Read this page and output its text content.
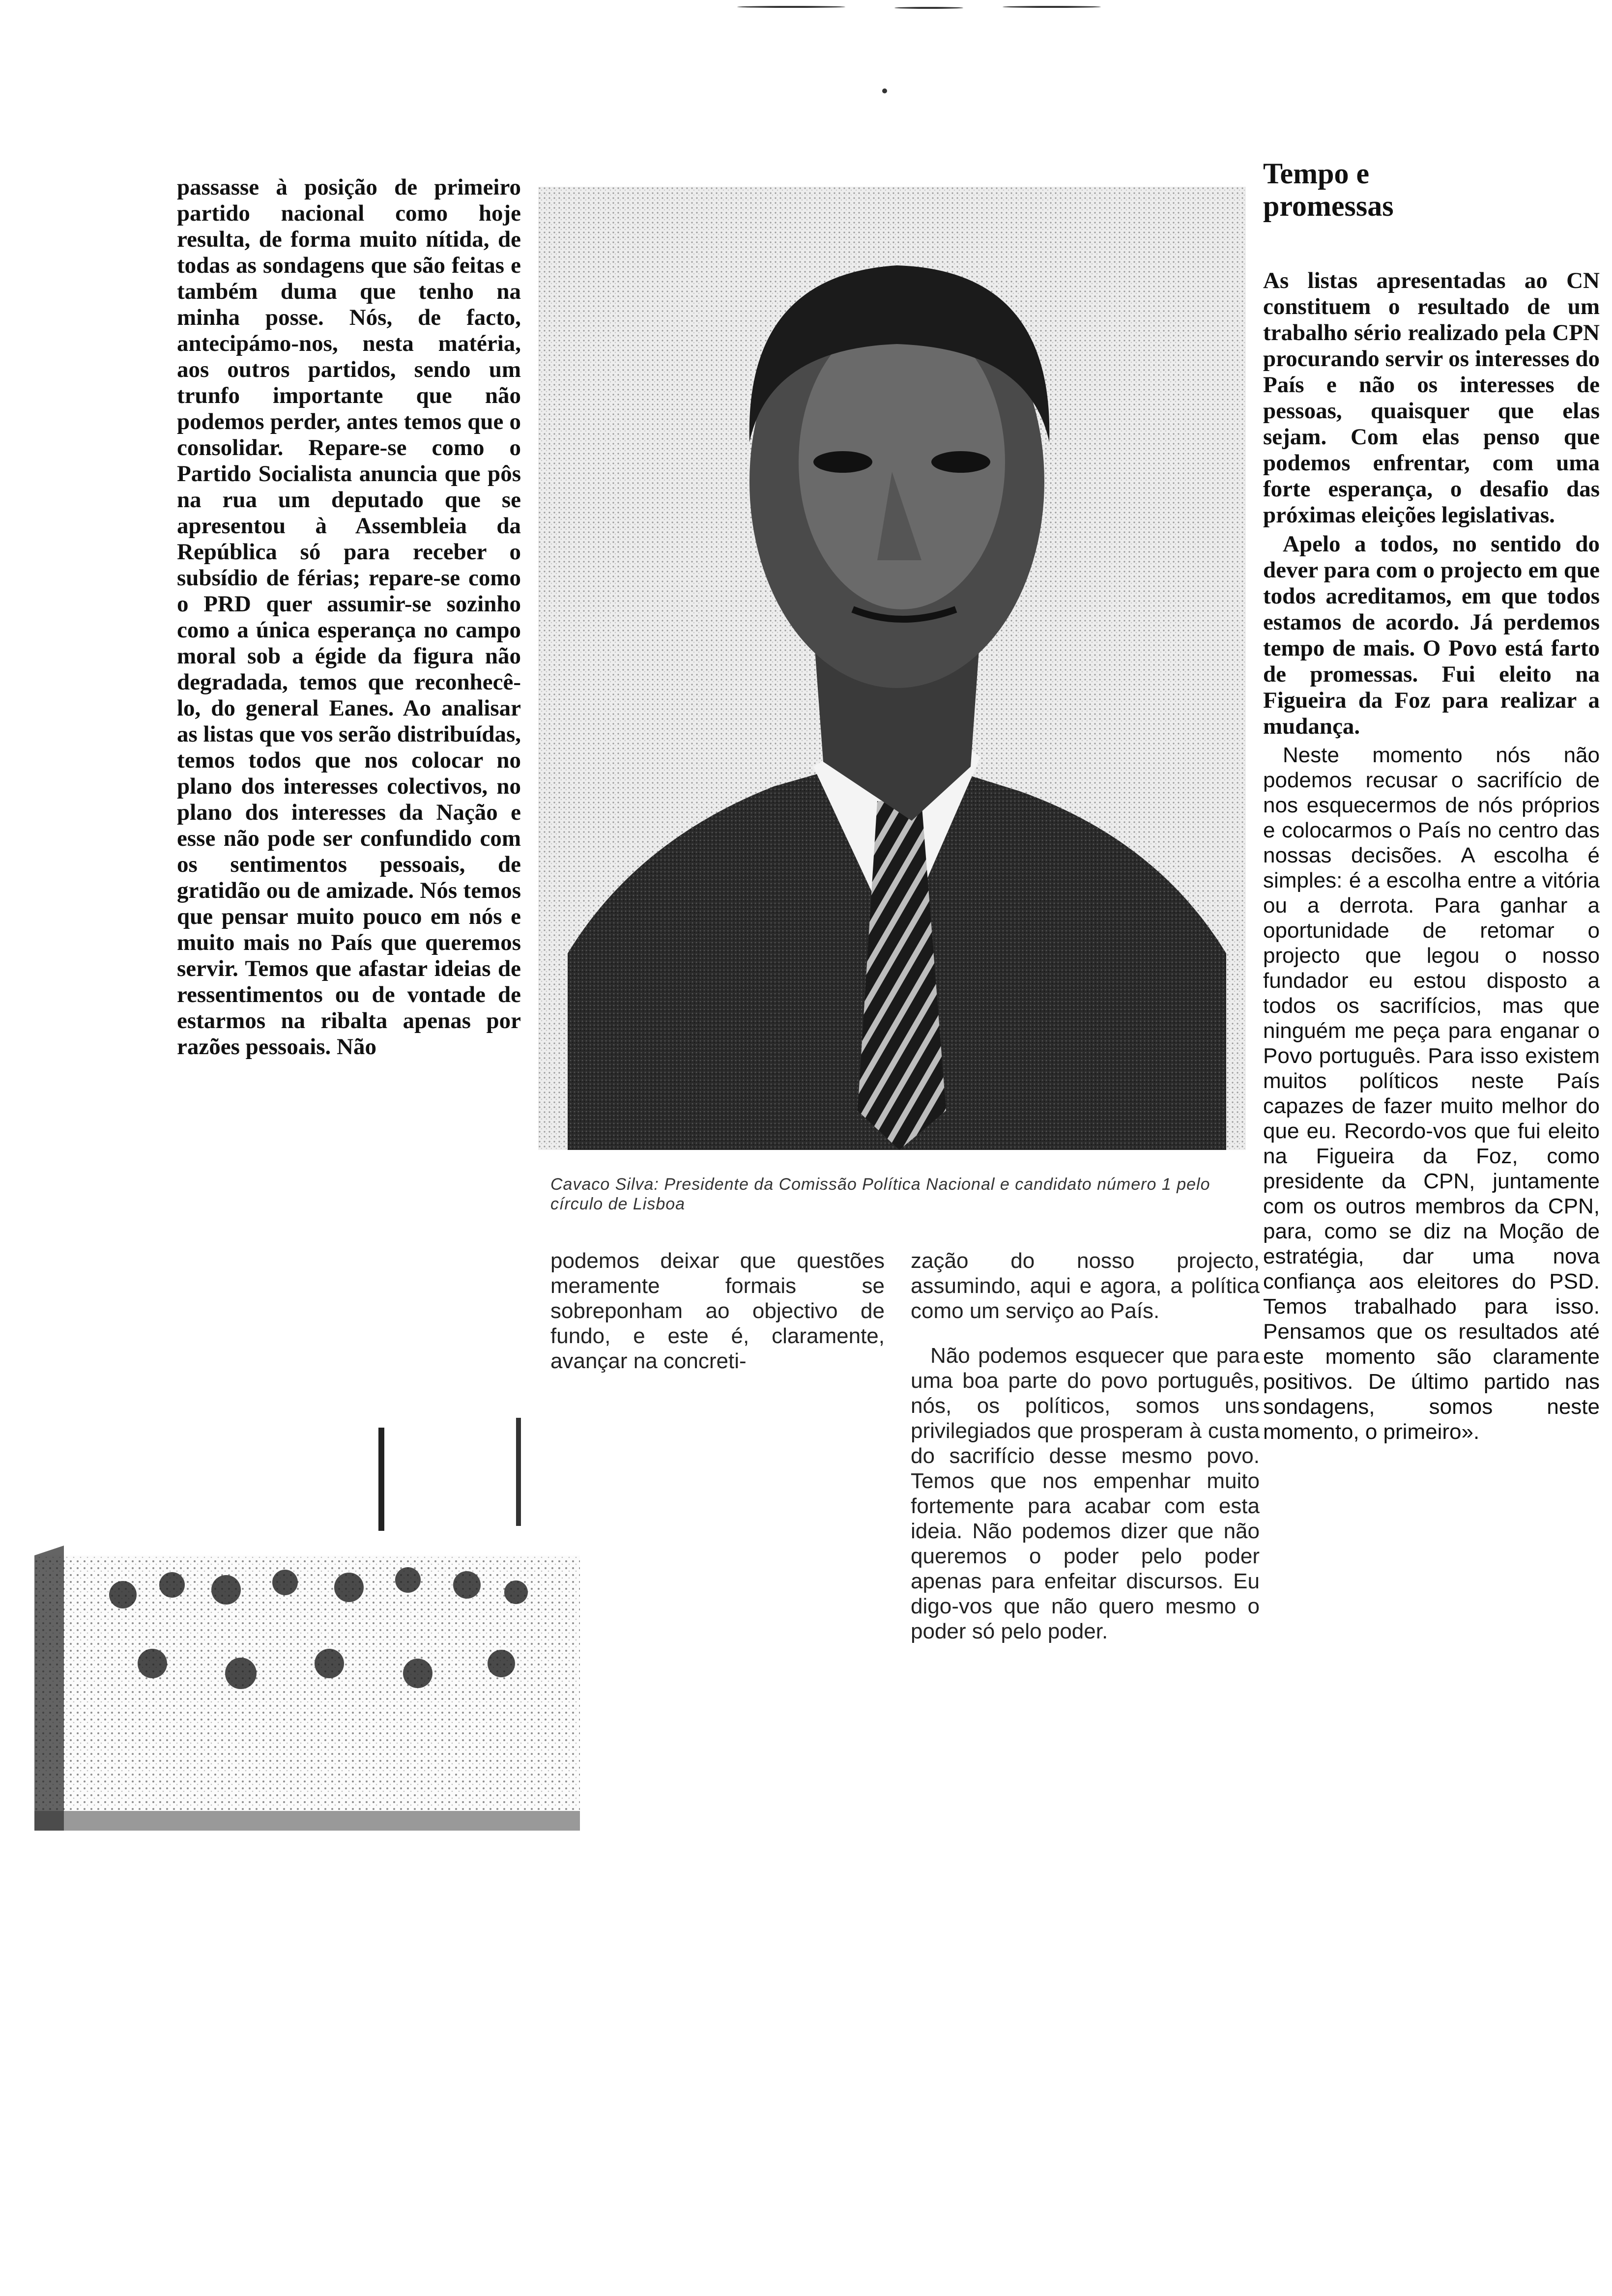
passasse à posição de primeiro partido nacional como hoje resulta, de forma muito nítida, de todas as sondagens que são feitas e também duma que tenho na minha posse. Nós, de facto, antecipámo-nos, nesta matéria, aos outros partidos, sendo um trunfo importante que não podemos perder, antes temos que o consolidar. Repare-se como o Partido Socialista anuncia que pôs na rua um deputado que se apresentou à Assembleia da República só para receber o subsídio de férias; repare-se como o PRD quer assumir-se sozinho como a única esperança no campo moral sob a égide da figura não degradada, temos que reconhecê-lo, do general Eanes. Ao analisar as listas que vos serão distribuídas, temos todos que nos colocar no plano dos interesses colectivos, no plano dos interesses da Nação e esse não pode ser confundido com os sentimentos pessoais, de gratidão ou de amizade. Nós temos que pensar muito pouco em nós e muito mais no País que queremos servir. Temos que afastar ideias de ressentimentos ou de vontade de estarmos na ribalta apenas por razões pessoais. Não

Cavaco Silva: Presidente da Comissão Política Nacional e candidato número 1 pelo círculo de Lisboa

podemos deixar que questões meramente formais se sobreponham ao objectivo de fundo, e este é, claramente, avançar na concreti-

zação do nosso projecto, assumindo, aqui e agora, a política como um serviço ao País.

Não podemos esquecer que para uma boa parte do povo português, nós, os políticos, somos uns privilegiados que prosperam à custa do sacrifício desse mesmo povo. Temos que nos empenhar muito fortemente para acabar com esta ideia. Não podemos dizer que não queremos o poder pelo poder apenas para enfeitar discursos. Eu digo-vos que não quero mesmo o poder só pelo poder.

Tempo e promessas

As listas apresentadas ao CN constituem o resultado de um trabalho sério realizado pela CPN procurando servir os interesses do País e não os interesses de pessoas, quaisquer que elas sejam. Com elas penso que podemos enfrentar, com uma forte esperança, o desafio das próximas eleições legislativas.

Apelo a todos, no sentido do dever para com o projecto em que todos acreditamos, em que todos estamos de acordo. Já perdemos tempo de mais. O Povo está farto de promessas. Fui eleito na Figueira da Foz para realizar a mudança.

Neste momento nós não podemos recusar o sacrifício de nos esquecermos de nós próprios e colocarmos o País no centro das nossas decisões. A escolha é simples: é a escolha entre a vitória ou a derrota. Para ganhar a oportunidade de retomar o projecto que legou o nosso fundador eu estou disposto a todos os sacrifícios, mas que ninguém me peça para enganar o Povo português. Para isso existem muitos políticos neste País capazes de fazer muito melhor do que eu. Recordo-vos que fui eleito na Figueira da Foz, como presidente da CPN, juntamente com os outros membros da CPN, para, como se diz na Moção de estratégia, dar uma nova confiança aos eleitores do PSD. Temos trabalhado para isso. Pensamos que os resultados até este momento são claramente positivos. De último partido nas sondagens, somos neste momento, o primeiro».
